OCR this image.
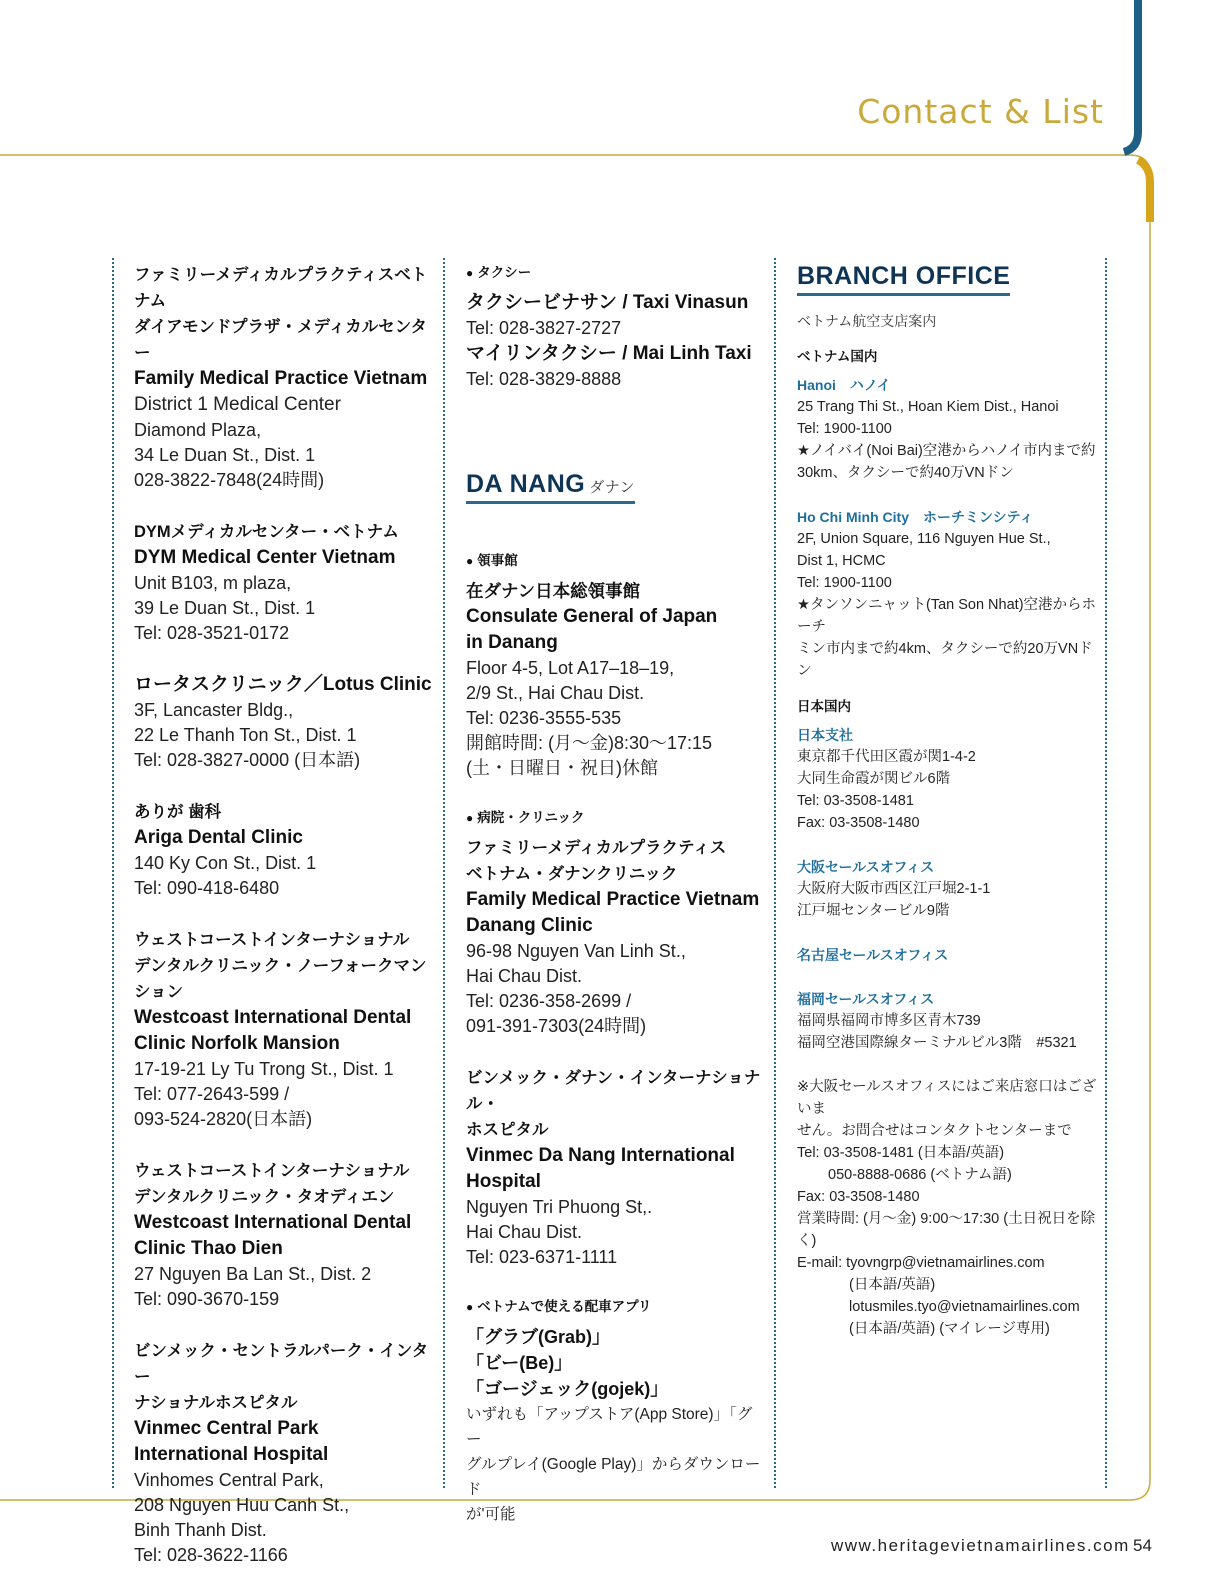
Contact & List
ファミリーメディカルプラクティスベトナム
ダイアモンドプラザ・メディカルセンター
Family Medical Practice Vietnam
District 1 Medical Center
Diamond Plaza,
34 Le Duan St., Dist. 1
028-3822-7848(24時間)
DYMメディカルセンター・ベトナム
DYM Medical Center Vietnam
Unit B103, m plaza,
39 Le Duan St., Dist. 1
Tel: 028-3521-0172
ロータスクリニック／Lotus Clinic
3F, Lancaster Bldg.,
22 Le Thanh Ton St., Dist. 1
Tel: 028-3827-0000 (日本語)
ありが 歯科
Ariga Dental Clinic
140 Ky Con St., Dist. 1
Tel: 090-418-6480
ウェストコーストインターナショナル
デンタルクリニック・ノーフォークマンション
Westcoast International Dental
Clinic Norfolk Mansion
17-19-21 Ly Tu Trong St., Dist. 1
Tel: 077-2643-599 /
093-524-2820(日本語)
ウェストコーストインターナショナル
デンタルクリニック・タオディエン
Westcoast International Dental
Clinic Thao Dien
27 Nguyen Ba Lan St., Dist. 2
Tel: 090-3670-159
ビンメック・セントラルパーク・インター
ナショナルホスピタル
Vinmec Central Park
International Hospital
Vinhomes Central Park,
208 Nguyen Huu Canh St.,
Binh Thanh Dist.
Tel: 028-3622-1166
● タクシー
タクシービナサン / Taxi Vinasun
Tel: 028-3827-2727
マイリンタクシー / Mai Linh Taxi
Tel: 028-3829-8888
DA NANG ダナン
● 領事館
在ダナン日本総領事館
Consulate General of Japan
in Danang
Floor 4-5, Lot A17–18–19,
2/9 St., Hai Chau Dist.
Tel: 0236-3555-535
開館時間: (月〜金)8:30〜17:15
(土・日曜日・祝日)休館
● 病院・クリニック
ファミリーメディカルプラクティス
ベトナム・ダナンクリニック
Family Medical Practice Vietnam
Danang Clinic
96-98 Nguyen Van Linh St.,
Hai Chau Dist.
Tel: 0236-358-2699 /
091-391-7303(24時間)
ビンメック・ダナン・インターナショナル・
ホスピタル
Vinmec Da Nang International
Hospital
Nguyen Tri Phuong St,.
Hai Chau Dist.
Tel: 023-6371-1111
● ベトナムで使える配車アプリ
「グラブ(Grab)」
「ビー(Be)」
「ゴージェック(gojek)」
いずれも「アップストア(App Store)」「グー
グルプレイ(Google Play)」からダウンロード
が'可能
BRANCH OFFICE
ベトナム航空支店案内
ベトナム国内
Hanoi　ハノイ
25 Trang Thi St., Hoan Kiem Dist., Hanoi
Tel: 1900-1100
★ノイバイ(Noi Bai)空港からハノイ市内まで約
30km、タクシーで約40万VNドン
Ho Chi Minh City　ホーチミンシティ
2F, Union Square, 116 Nguyen Hue St.,
Dist 1, HCMC
Tel: 1900-1100
★タンソンニャット(Tan Son Nhat)空港からホーチ
ミン市内まで約4km、タクシーで約20万VNドン
日本国内
日本支社
東京都千代田区霞が関1-4-2
大同生命霞が関ビル6階
Tel: 03-3508-1481
Fax: 03-3508-1480
大阪セールスオフィス
大阪府大阪市西区江戸堀2-1-1
江戸堀センタービル9階
名古屋セールスオフィス
福岡セールスオフィス
福岡県福岡市博多区青木739
福岡空港国際線ターミナルビル3階　#5321
※大阪セールスオフィスにはご来店窓口はございま
せん。お問合せはコンタクトセンターまで
Tel: 03-3508-1481 (日本語/英語)
050-8888-0686 (ベトナム語)
Fax: 03-3508-1480
営業時間: (月〜金) 9:00〜17:30 (土日祝日を除く)
E-mail: tyovngrp@vietnamairlines.com
(日本語/英語)
lotusmiles.tyo@vietnamairlines.com
(日本語/英語) (マイレージ専用)
www.heritagevietnamairlines.com 54
